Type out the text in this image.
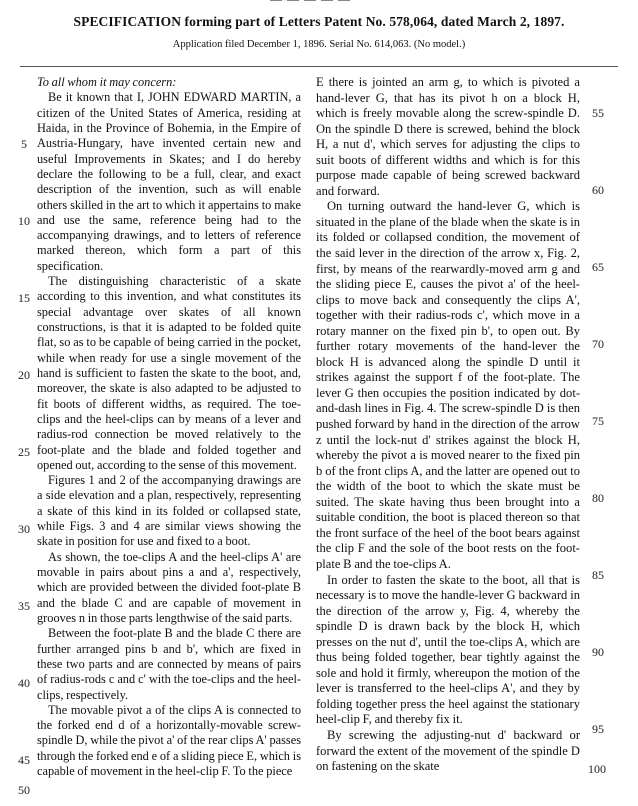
SPECIFICATION forming part of Letters Patent No. 578,064, dated March 2, 1897.
Application filed December 1, 1896. Serial No. 614,063. (No model.)

To all whom it may concern:

Be it known that I, JOHN EDWARD MARTIN, a citizen of the United States of America, residing at Haida, in the Province of Bohemia, in the Empire of Austria-Hungary, have invented certain new and useful Improvements in Skates; and I do hereby declare the following to be a full, clear, and exact description of the invention, such as will enable others skilled in the art to which it appertains to make and use the same, reference being had to the accompanying drawings, and to letters of reference marked thereon, which form a part of this specification.

The distinguishing characteristic of a skate according to this invention, and what constitutes its special advantage over skates of all known constructions, is that it is adapted to be folded quite flat, so as to be capable of being carried in the pocket, while when ready for use a single movement of the hand is sufficient to fasten the skate to the boot, and, moreover, the skate is also adapted to be adjusted to fit boots of different widths, as required. The toe-clips and the heel-clips can by means of a lever and radius-rod connection be moved relatively to the foot-plate and the blade and folded together and opened out, according to the sense of this movement.

Figures 1 and 2 of the accompanying drawings are a side elevation and a plan, respectively, representing a skate of this kind in its folded or collapsed state, while Figs. 3 and 4 are similar views showing the skate in position for use and fixed to a boot.

As shown, the toe-clips A and the heel-clips A' are movable in pairs about pins a and a', respectively, which are provided between the divided foot-plate B and the blade C and are capable of movement in grooves n in those parts lengthwise of the said parts.

Between the foot-plate B and the blade C there are further arranged pins b and b', which are fixed in these two parts and are connected by means of pairs of radius-rods c and c' with the toe-clips and the heel-clips, respectively.

The movable pivot a of the clips A is connected to the forked end d of a horizontally-movable screw-spindle D, while the pivot a' of the rear clips A' passes through the forked end e of a sliding piece E, which is capable of movement in the heel-clip F. To the piece

E there is jointed an arm g, to which is pivoted a hand-lever G, that has its pivot h on a block H, which is freely movable along the screw-spindle D. On the spindle D there is screwed, behind the block H, a nut d', which serves for adjusting the clips to suit boots of different widths and which is for this purpose made capable of being screwed backward and forward.

On turning outward the hand-lever G, which is situated in the plane of the blade when the skate is in its folded or collapsed condition, the movement of the said lever in the direction of the arrow x, Fig. 2, first, by means of the rearwardly-moved arm g and the sliding piece E, causes the pivot a' of the heel-clips to move back and consequently the clips A', together with their radius-rods c', which move in a rotary manner on the fixed pin b', to open out. By further rotary movements of the hand-lever the block H is advanced along the spindle D until it strikes against the support f of the foot-plate. The lever G then occupies the position indicated by dot-and-dash lines in Fig. 4. The screw-spindle D is then pushed forward by hand in the direction of the arrow z until the lock-nut d' strikes against the block H, whereby the pivot a is moved nearer to the fixed pin b of the front clips A, and the latter are opened out to the width of the boot to which the skate must be suited. The skate having thus been brought into a suitable condition, the boot is placed thereon so that the front surface of the heel of the boot bears against the clip F and the sole of the boot rests on the foot-plate B and the toe-clips A.

In order to fasten the skate to the boot, all that is necessary is to move the handle-lever G backward in the direction of the arrow y, Fig. 4, whereby the spindle D is drawn back by the block H, which presses on the nut d', until the toe-clips A, which are thus being folded together, bear tightly against the sole and hold it firmly, whereupon the motion of the lever is transferred to the heel-clips A', and they by folding together press the heel against the stationary heel-clip F, and thereby fix it.

By screwing the adjusting-nut d' backward or forward the extent of the movement of the spindle D on fastening on the skate

5
10
15
20
25
30
35
40
45
50
55
60
65
70
75
80
85
90
95
100
